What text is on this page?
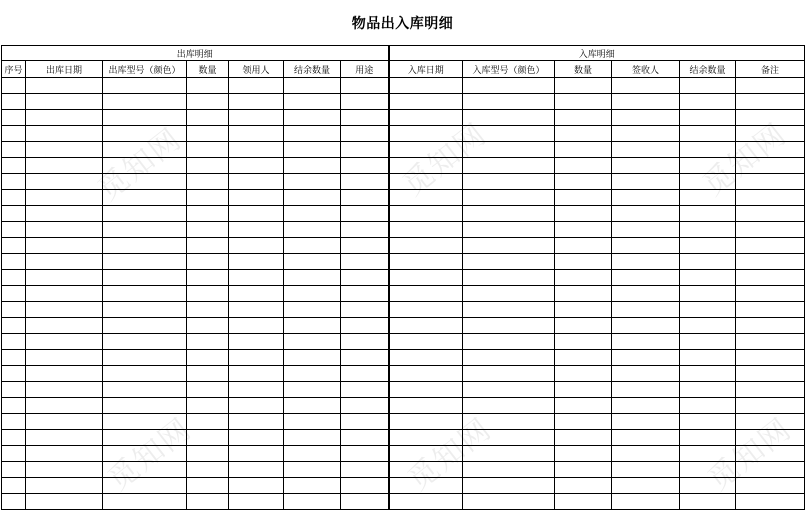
物品出入库明细
出库明细							入库明细					
序号	出库日期	出库型号（颜色）	数量	领用人	结余数量	用途	入库日期	入库型号（颜色）	数量	签收人	结余数量	备注

觅知网	觅知网	觅知网
觅知网	觅知网	觅知网
